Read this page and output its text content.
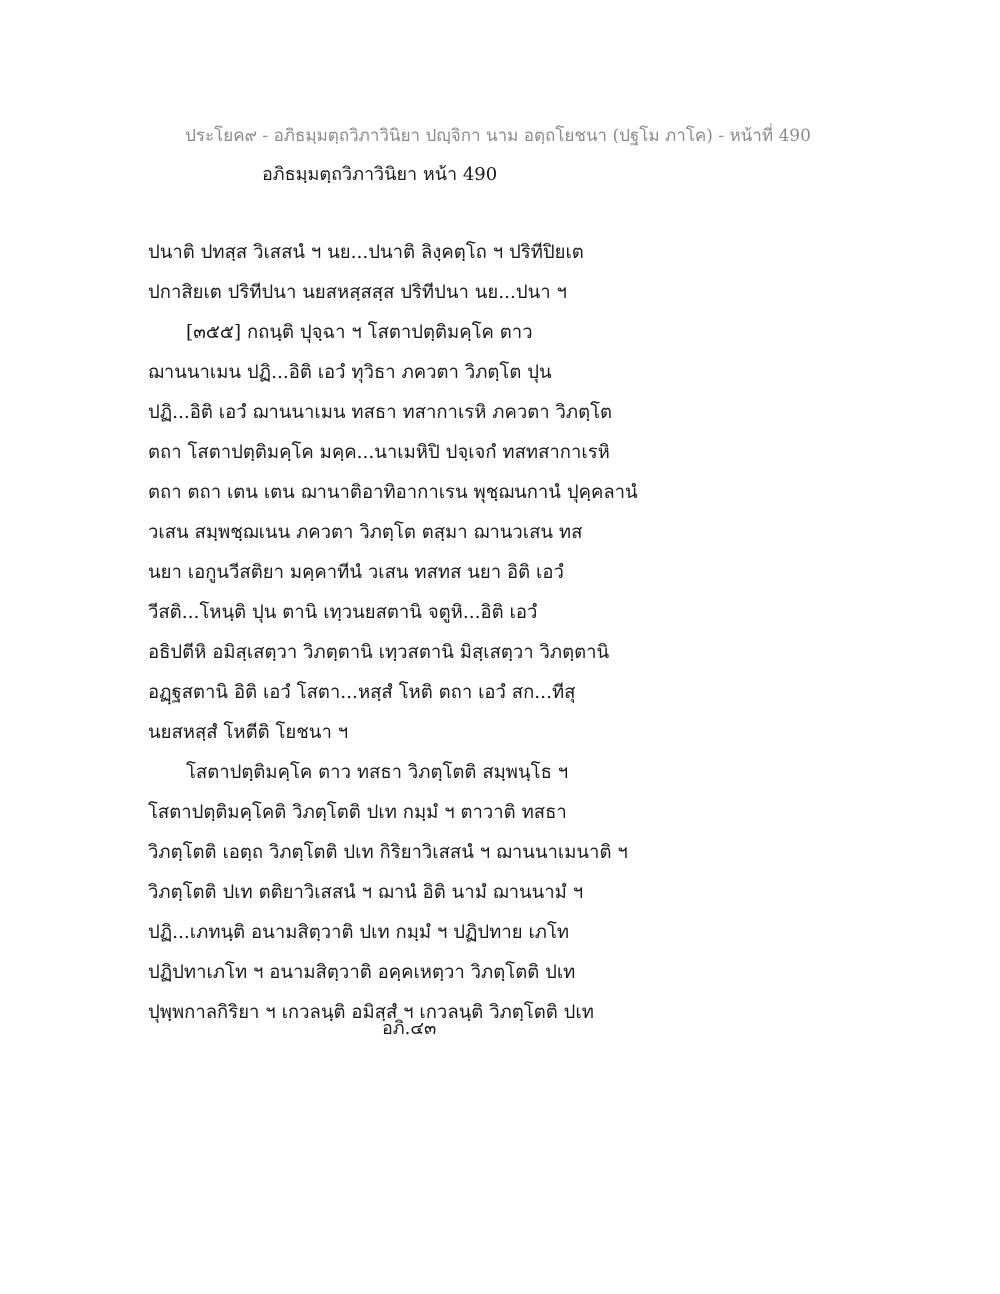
ประโยค๙ - อภิธมฺมตฺถวิภาวินิยา ปญฺจิกา นาม อตฺถโยชนา (ปฐโม ภาโค) - หน้าที่ 490
อภิธมฺมตฺถวิภาวินิยา หน้า 490
ปนาติ ปทสฺส วิเสสนํ ฯ นย...ปนาติ ลิงฺคตฺโถ ฯ ปริทีปิยเต
ปกาสิยเต ปริทีปนา นยสหสฺสสฺส ปริทีปนา นย...ปนา ฯ
[๓๕๕] กถนฺติ ปุจฺฉา ฯ โสตาปตฺติมคฺโค ตาว
ฌานนาเมน ปฏิ...อิติ เอวํ ทุวิธา ภควตา วิภตฺโต ปุน
ปฏิ...อิติ เอวํ ฌานนาเมน ทสธา ทสากาเรหิ ภควตา วิภตฺโต
ตถา โสตาปตฺติมคฺโค มคฺค...นาเมหิปิ ปจฺเจกํ ทสทสากาเรหิ
ตถา ตถา เตน เตน ฌานาติอาทิอากาเรน พุชฺฌนกานํ ปุคฺคลานํ
วเสน สมฺพชฺฌเนน ภควตา วิภตฺโต ตสฺมา ฌานวเสน ทส
นยา เอกูนวีสติยา มคฺคาทีนํ วเสน ทสทส นยา อิติ เอวํ
วีสติ...โหนฺติ ปุน ตานิ เทฺวนยสตานิ จตูหิ...อิติ เอวํ
อธิปตีหิ อมิสฺเสตฺวา วิภตฺตานิ เทฺวสตานิ มิสฺเสตฺวา วิภตฺตานิ
อฏฺฐสตานิ อิติ เอวํ โสตา...หสฺสํ โหติ ตถา เอวํ สก...ทีสุ
นยสหสฺสํ โหตีติ โยชนา ฯ
โสตาปตฺติมคฺโค ตาว ทสธา วิภตฺโตติ สมฺพนฺโธ ฯ
โสตาปตฺติมคฺโคติ วิภตฺโตติ ปเท กมฺมํ ฯ ตาวาติ ทสธา
วิภตฺโตติ เอตฺถ วิภตฺโตติ ปเท กิริยาวิเสสนํ ฯ ฌานนาเมนาติ ฯ
วิภตฺโตติ ปเท ตติยาวิเสสนํ ฯ ฌานํ อิติ นามํ ฌานนามํ ฯ
ปฏิ...เภทนฺติ อนามสิตฺวาติ ปเท กมฺมํ ฯ ปฏิปทาย เภโท
ปฏิปทาเภโท ฯ อนามสิตฺวาติ อคฺคเหตฺวา วิภตฺโตติ ปเท
ปุพฺพกาลกิริยา ฯ เกวลนฺติ อมิสฺสํ ฯ เกวลนฺติ วิภตฺโตติ ปเท
อภิ.๔๓
